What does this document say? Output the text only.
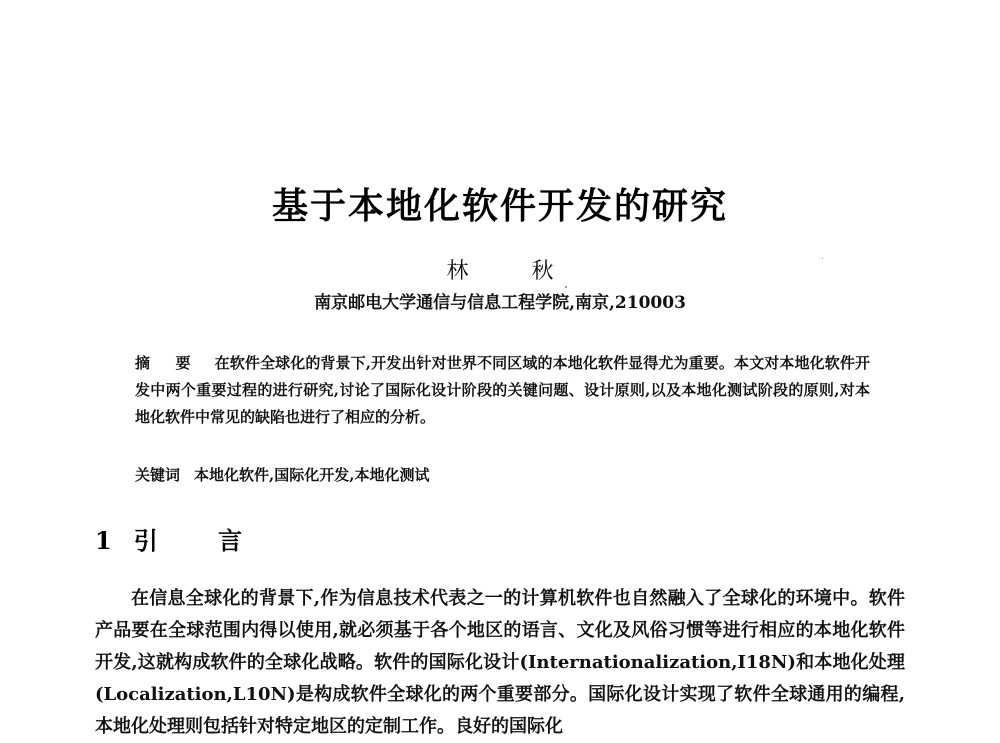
基于本地化软件开发的研究
林 秋
南京邮电大学通信与信息工程学院,南京,210003
摘 要 在软件全球化的背景下,开发出针对世界不同区域的本地化软件显得尤为重要。本文对本地化软件开发中两个重要过程的进行研究,讨论了国际化设计阶段的关键问题、设计原则,以及本地化测试阶段的原则,对本地化软件中常见的缺陷也进行了相应的分析。
关键词 本地化软件,国际化开发,本地化测试
1 引 言
在信息全球化的背景下,作为信息技术代表之一的计算机软件也自然融入了全球化的环境中。软件产品要在全球范围内得以使用,就必须基于各个地区的语言、文化及风俗习惯等进行相应的本地化软件开发,这就构成软件的全球化战略。软件的国际化设计(Internationalization,I18N)和本地化处理(Localization,L10N)是构成软件全球化的两个重要部分。国际化设计实现了软件全球通用的编程,本地化处理则包括针对特定地区的定制工作。良好的国际化
